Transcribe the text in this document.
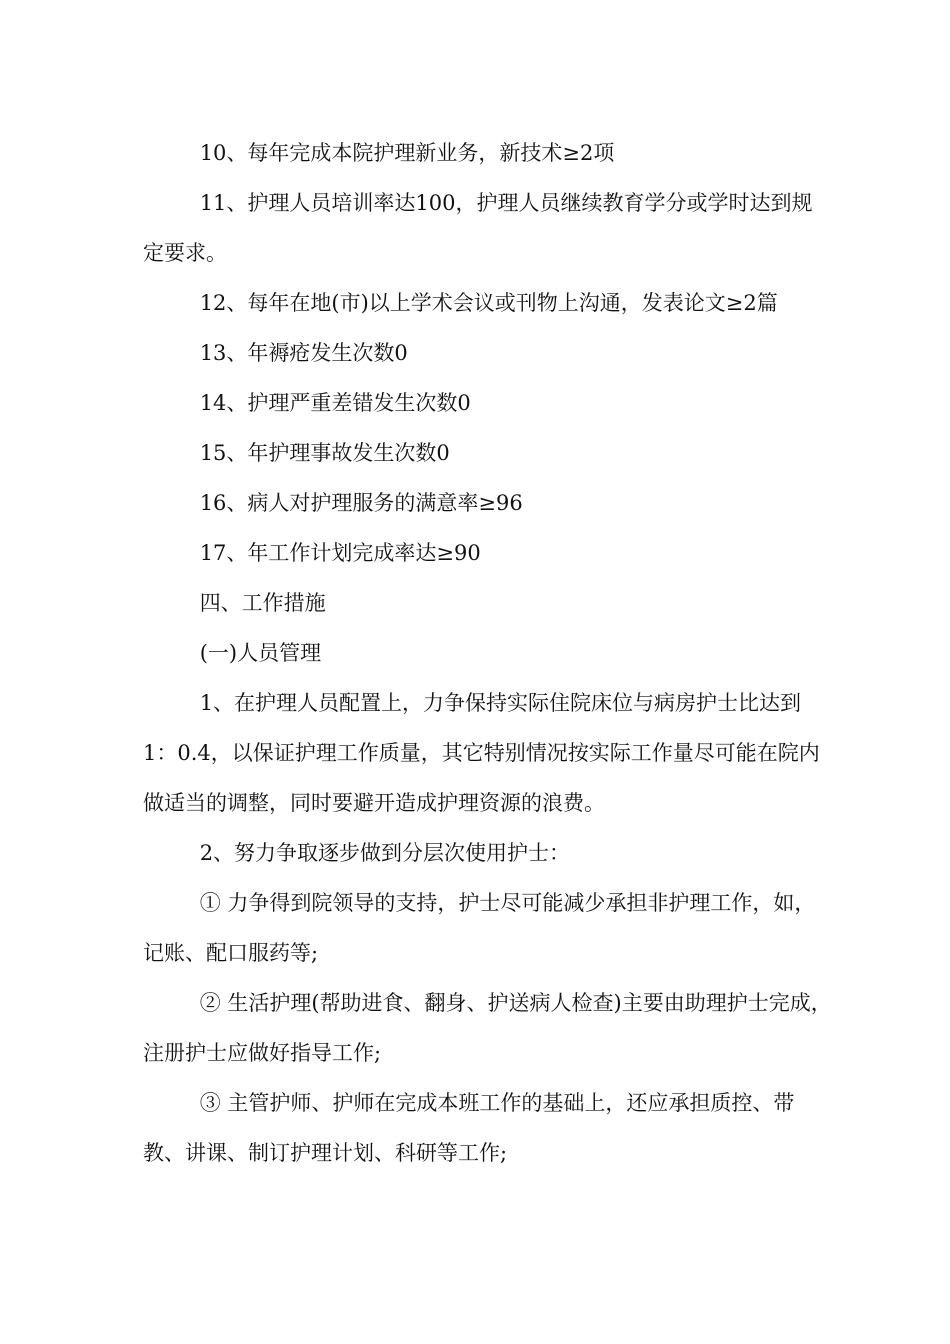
10、每年完成本院护理新业务，新技术≥2项

11、护理人员培训率达100，护理人员继续教育学分或学时达到规定要求。

12、每年在地(市)以上学术会议或刊物上沟通，发表论文≥2篇

13、年褥疮发生次数0

14、护理严重差错发生次数0

15、年护理事故发生次数0

16、病人对护理服务的满意率≥96

17、年工作计划完成率达≥90

四、工作措施

(一)人员管理

1、在护理人员配置上，力争保持实际住院床位与病房护士比达到1：0.4，以保证护理工作质量，其它特别情况按实际工作量尽可能在院内做适当的调整，同时要避开造成护理资源的浪费。

2、努力争取逐步做到分层次使用护士：

① 力争得到院领导的支持，护士尽可能减少承担非护理工作，如，记账、配口服药等;

② 生活护理(帮助进食、翻身、护送病人检查)主要由助理护士完成，注册护士应做好指导工作;

③ 主管护师、护师在完成本班工作的基础上，还应承担质控、带教、讲课、制订护理计划、科研等工作;
